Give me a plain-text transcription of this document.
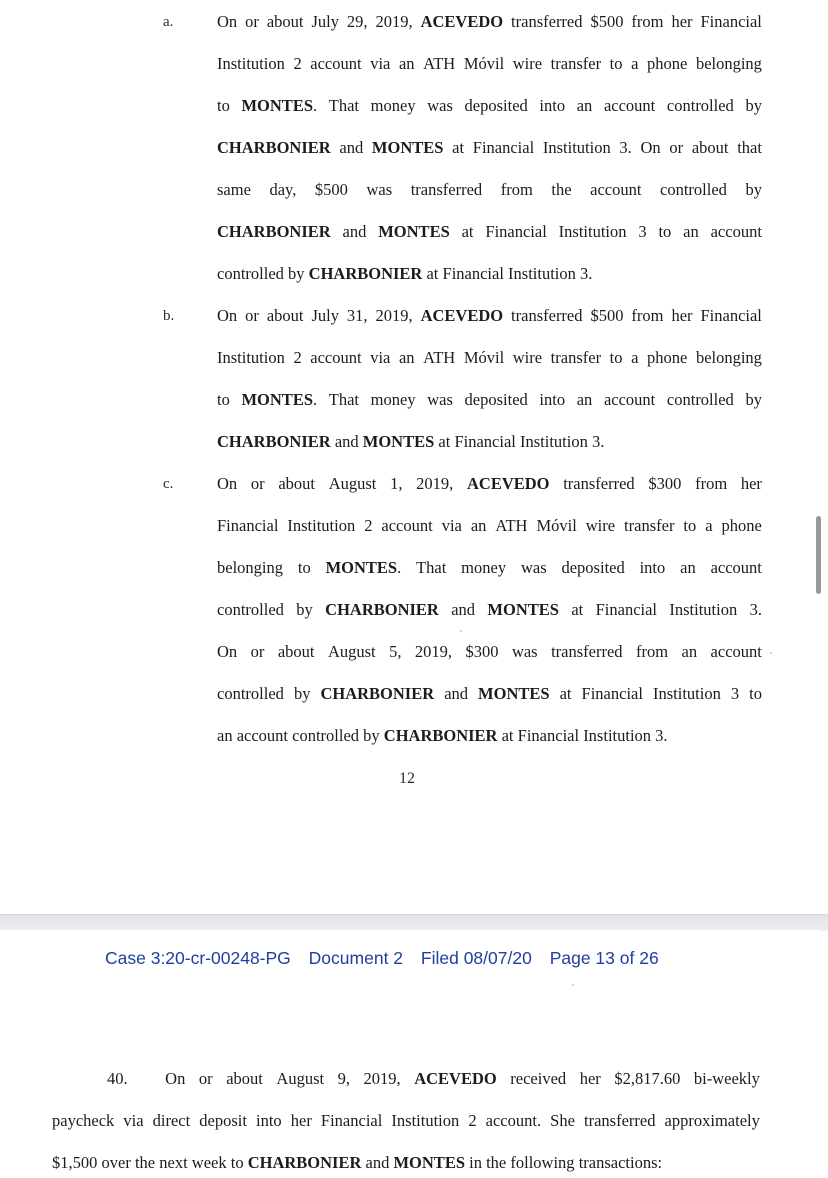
a.	On or about July 29, 2019, ACEVEDO transferred $500 from her Financial
Institution 2 account via an ATH Móvil wire transfer to a phone belonging
to MONTES. That money was deposited into an account controlled by
CHARBONIER and MONTES at Financial Institution 3. On or about that
same day, $500 was transferred from the account controlled by
CHARBONIER and MONTES at Financial Institution 3 to an account
controlled by CHARBONIER at Financial Institution 3.
b.	On or about July 31, 2019, ACEVEDO transferred $500 from her Financial
Institution 2 account via an ATH Móvil wire transfer to a phone belonging
to MONTES. That money was deposited into an account controlled by
CHARBONIER and MONTES at Financial Institution 3.
c.	On or about August 1, 2019, ACEVEDO transferred $300 from her
Financial Institution 2 account via an ATH Móvil wire transfer to a phone
belonging to MONTES. That money was deposited into an account
controlled by CHARBONIER and MONTES at Financial Institution 3.
On or about August 5, 2019, $300 was transferred from an account
controlled by CHARBONIER and MONTES at Financial Institution 3 to
an account controlled by CHARBONIER at Financial Institution 3.
12
Case 3:20-cr-00248-PG Document 2 Filed 08/07/20 Page 13 of 26
40. On or about August 9, 2019, ACEVEDO received her $2,817.60 bi-weekly
paycheck via direct deposit into her Financial Institution 2 account. She transferred approximately
$1,500 over the next week to CHARBONIER and MONTES in the following transactions:
